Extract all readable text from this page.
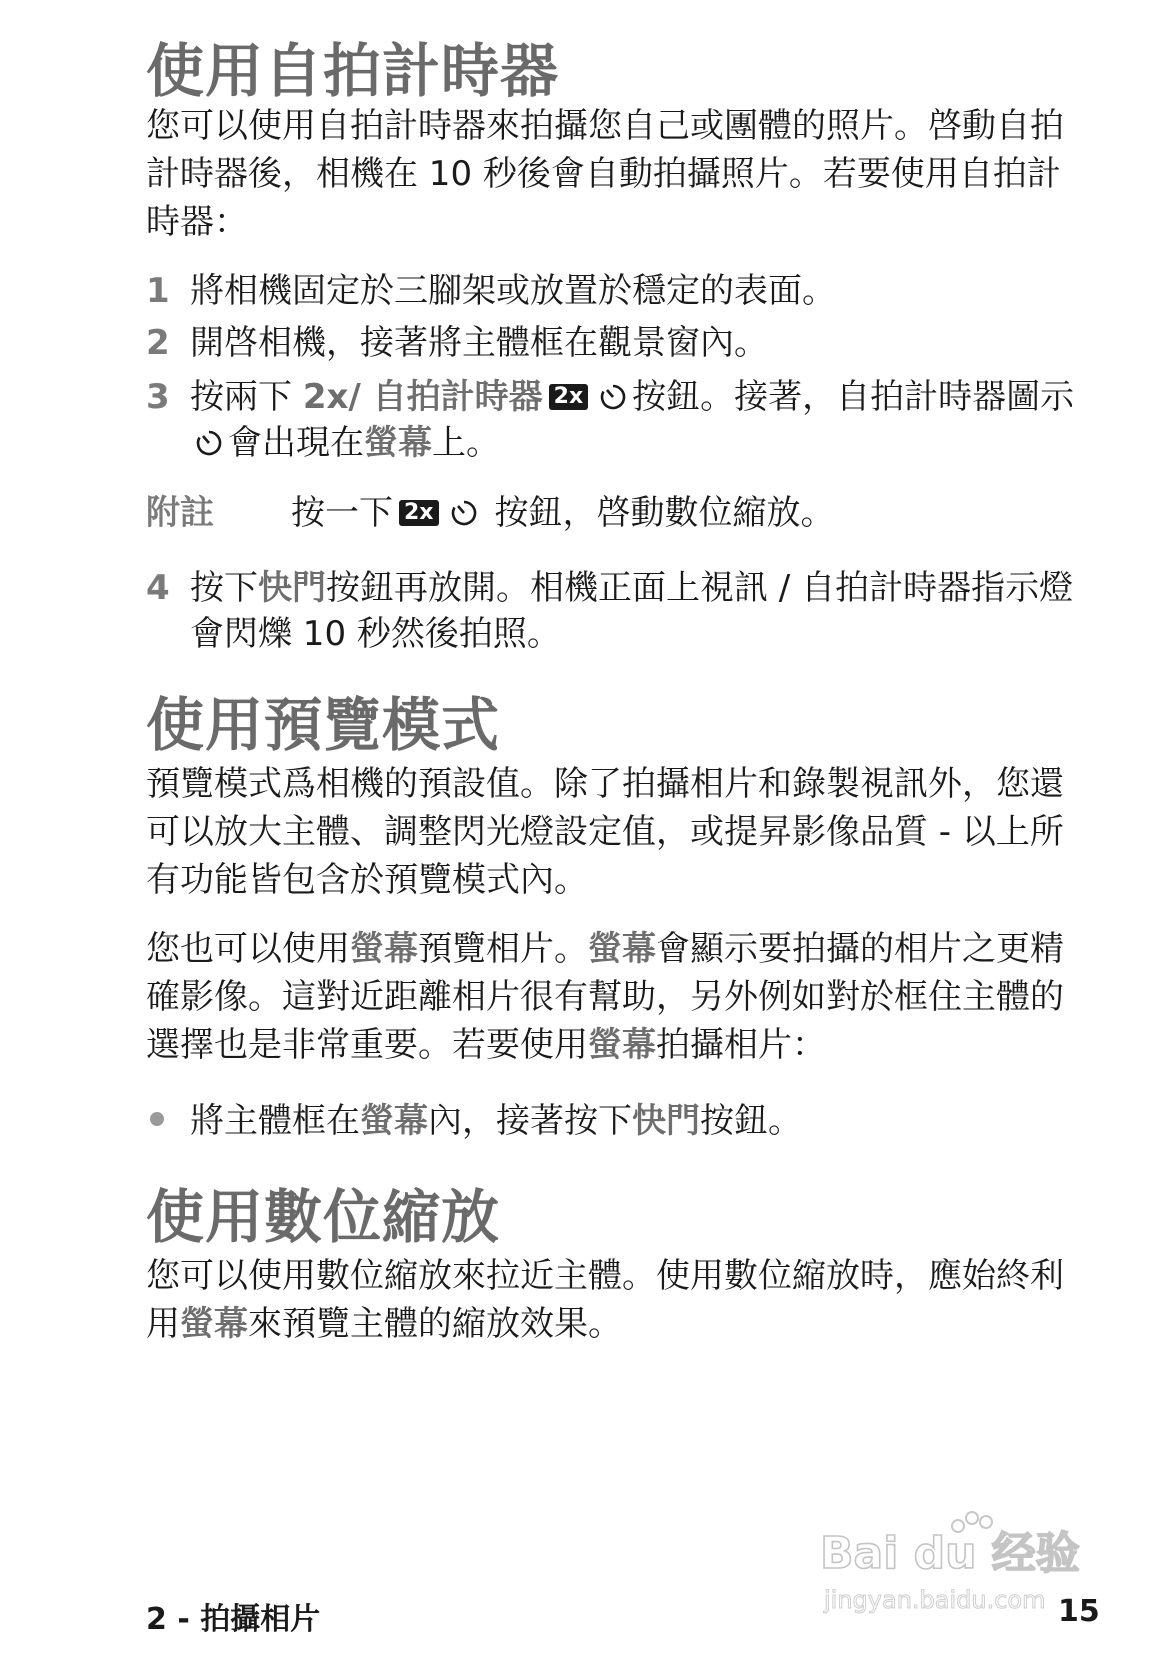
使用自拍計時器

您可以使用自拍計時器來拍攝您自己或團體的照片。啓動自拍計時器後，相機在 10 秒後會自動拍攝照片。若要使用自拍計時器：

1 將相機固定於三腳架或放置於穩定的表面。
2 開啓相機，接著將主體框在觀景窗內。
3 按兩下 2x/ 自拍計時器 2x 按鈕。接著，自拍計時器圖示會出現在螢幕上。
附註 按一下 2x 按鈕，啓動數位縮放。
4 按下快門按鈕再放開。相機正面上視訊 / 自拍計時器指示燈會閃爍 10 秒然後拍照。
使用預覽模式

預覽模式爲相機的預設值。除了拍攝相片和錄製視訊外，您還可以放大主體、調整閃光燈設定值，或提昇影像品質 - 以上所有功能皆包含於預覽模式內。

您也可以使用螢幕預覽相片。螢幕會顯示要拍攝的相片之更精確影像。這對近距離相片很有幫助，另外例如對於框住主體的選擇也是非常重要。若要使用螢幕拍攝相片：

將主體框在螢幕內，接著按下快門按鈕。
使用數位縮放

您可以使用數位縮放來拉近主體。使用數位縮放時，應始終利用螢幕來預覽主體的縮放效果。

Bai du 经验
jingyan.baidu.com
2 - 拍攝相片	15
